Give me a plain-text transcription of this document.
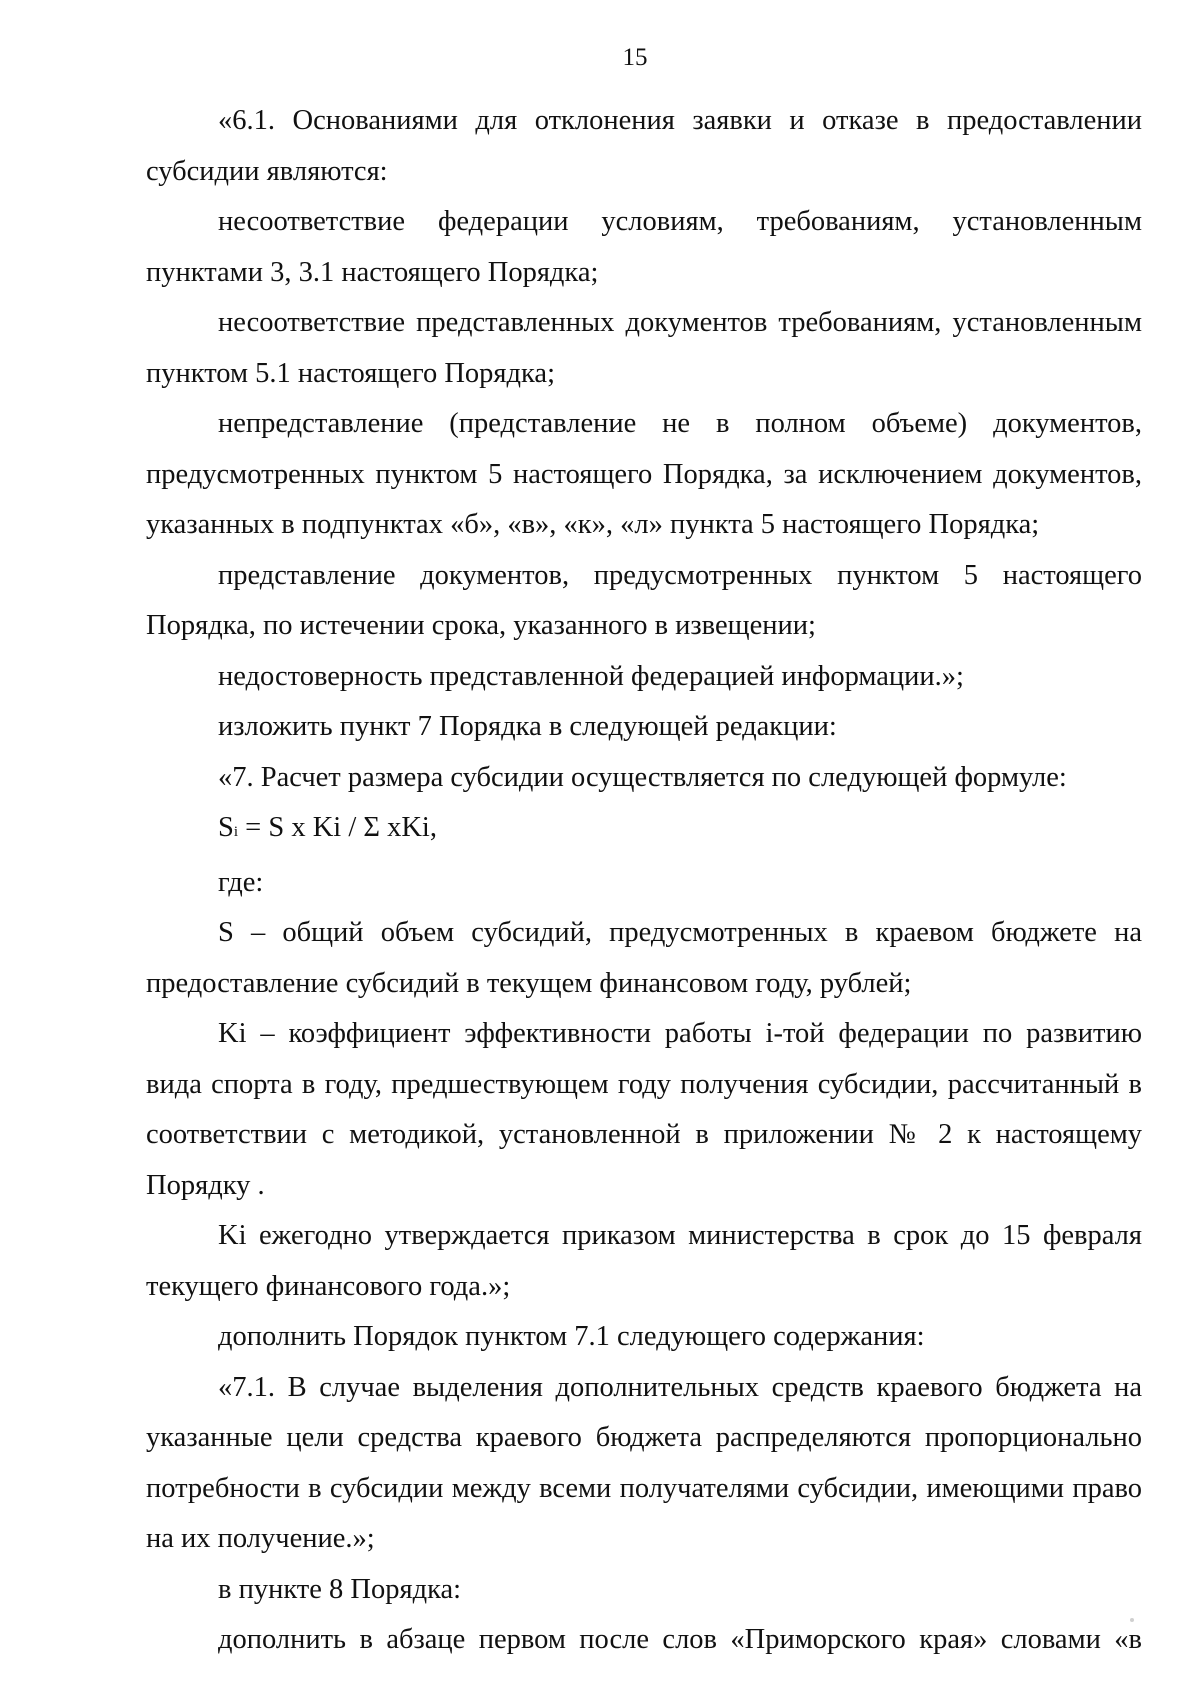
15

«6.1. Основаниями для отклонения заявки и отказе в предоставлении субсидии являются:

несоответствие федерации условиям, требованиям, установленным пунктами 3, 3.1 настоящего Порядка;

несоответствие представленных документов требованиям, установленным пунктом 5.1 настоящего Порядка;

непредставление (представление не в полном объеме) документов, предусмотренных пунктом 5 настоящего Порядка, за исключением документов, указанных в подпунктах «б», «в», «к», «л» пункта 5 настоящего Порядка;

представление документов, предусмотренных пунктом 5 настоящего Порядка, по истечении срока, указанного в извещении;

недостоверность представленной федерацией информации.»;

изложить пункт 7 Порядка в следующей редакции:

«7. Расчет размера субсидии осуществляется по следующей формуле:

Si = S x Ki / Σ xKi,

где:

S – общий объем субсидий, предусмотренных в краевом бюджете на предоставление субсидий в текущем финансовом году, рублей;

Ki – коэффициент эффективности работы i-той федерации по развитию вида спорта в году, предшествующем году получения субсидии, рассчитанный в соответствии с методикой, установленной в приложении № 2 к настоящему Порядку .

Ki ежегодно утверждается приказом министерства в срок до 15 февраля текущего финансового года.»;

дополнить Порядок пунктом 7.1 следующего содержания:

«7.1. В случае выделения дополнительных средств краевого бюджета на указанные цели средства краевого бюджета распределяются пропорционально потребности в субсидии между всеми получателями субсидии, имеющими право на их получение.»;

в пункте 8 Порядка:

дополнить в абзаце первом после слов «Приморского края» словами «в
